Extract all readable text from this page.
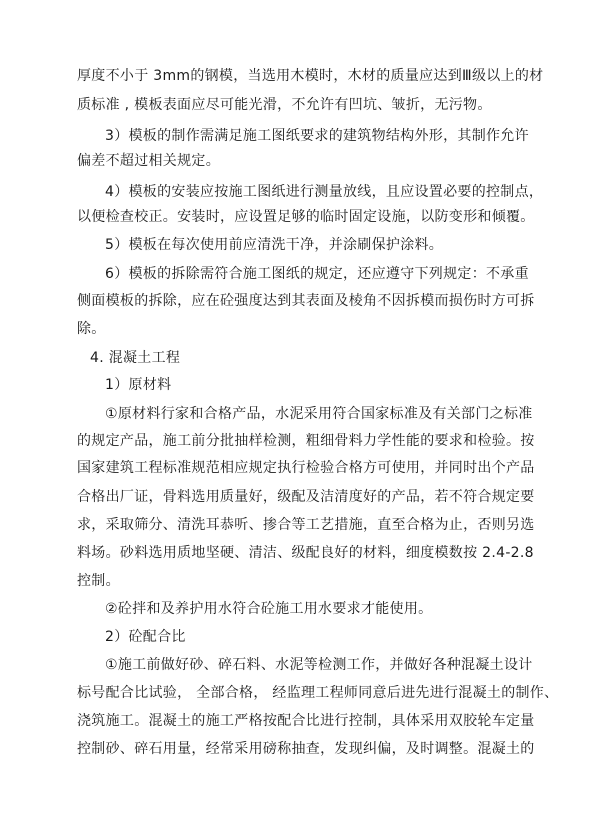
厚度不小于 3mm的钢模，当选用木模时，木材的质量应达到Ⅲ级以上的材
质标准 , 模板表面应尽可能光滑，不允许有凹坑、皱折，无污物。
3）模板的制作需满足施工图纸要求的建筑物结构外形，其制作允许
偏差不超过相关规定。
4）模板的安装应按施工图纸进行测量放线，且应设置必要的控制点，
以便检查校正。安装时，应设置足够的临时固定设施，以防变形和倾覆。
5）模板在每次使用前应清洗干净，并涂刷保护涂料。
6）模板的拆除需符合施工图纸的规定，还应遵守下列规定：不承重
侧面模板的拆除，应在砼强度达到其表面及棱角不因拆模而损伤时方可拆
除。
4. 混凝土工程
1）原材料
①原材料行家和合格产品，水泥采用符合国家标准及有关部门之标准
的规定产品，施工前分批抽样检测，粗细骨料力学性能的要求和检验。按
国家建筑工程标准规范相应规定执行检验合格方可使用，并同时出个产品
合格出厂证，骨料选用质量好，级配及洁清度好的产品，若不符合规定要
求，采取筛分、清洗耳恭听、掺合等工艺措施，直至合格为止，否则另选
料场。砂料选用质地坚硬、清洁、级配良好的材料，细度模数按 2.4-2.8
控制。
②砼拌和及养护用水符合砼施工用水要求才能使用。
2）砼配合比
①施工前做好砂、碎石料、水泥等检测工作，并做好各种混凝土设计
标号配合比试验， 全部合格， 经监理工程师同意后进先进行混凝土的制作、
浇筑施工。混凝土的施工严格按配合比进行控制，具体采用双胶轮车定量
控制砂、碎石用量，经常采用磅称抽查，发现纠偏，及时调整。混凝土的
